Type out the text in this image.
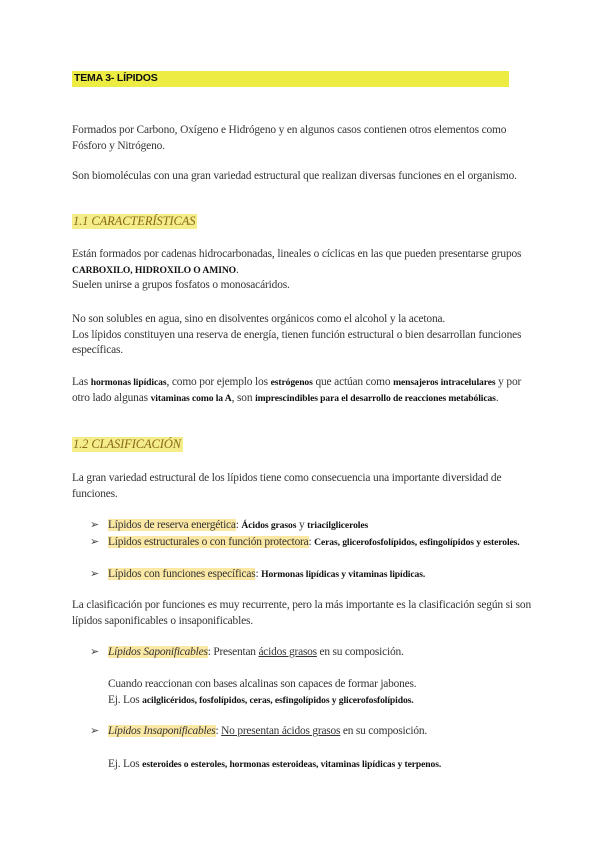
TEMA 3- LÍPIDOS

Formados por Carbono, Oxígeno e Hidrógeno y en algunos casos contienen otros elementos como Fósforo y Nitrógeno.

Son biomoléculas con una gran variedad estructural que realizan diversas funciones en el organismo.

1.1 CARACTERÍSTICAS

Están formados por cadenas hidrocarbonadas, lineales o cíclicas en las que pueden presentarse grupos CARBOXILO, HIDROXILO O AMINO.
Suelen unirse a grupos fosfatos o monosacáridos.

No son solubles en agua, sino en disolventes orgánicos como el alcohol y la acetona.
Los lípidos constituyen una reserva de energía, tienen función estructural o bien desarrollan funciones específicas.

Las hormonas lipídicas, como por ejemplo los estrógenos que actúan como mensajeros intracelulares y por otro lado algunas vitaminas como la A, son imprescindibles para el desarrollo de reacciones metabólicas.

1.2 CLASIFICACIÓN

La gran variedad estructural de los lípidos tiene como consecuencia una importante diversidad de funciones.

➢ Lípidos de reserva energética: Ácidos grasos y triacilgliceroles
➢ Lípidos estructurales o con función protectora: Ceras, glicerofosfolípidos, esfingolípidos y esteroles.
➢ Lípidos con funciones específicas: Hormonas lipídicas y vitaminas lipídicas.

La clasificación por funciones es muy recurrente, pero la más importante es la clasificación según si son lípidos saponificables o insaponificables.

➢ Lípidos Saponificables: Presentan ácidos grasos en su composición.
Cuando reaccionan con bases alcalinas son capaces de formar jabones.
Ej. Los acilglicéridos, fosfolípidos, ceras, esfingolípidos y glicerofosfolípidos.
➢ Lípidos Insaponificables: No presentan ácidos grasos en su composición.
Ej. Los esteroides o esteroles, hormonas esteroideas, vitaminas lipídicas y terpenos.
